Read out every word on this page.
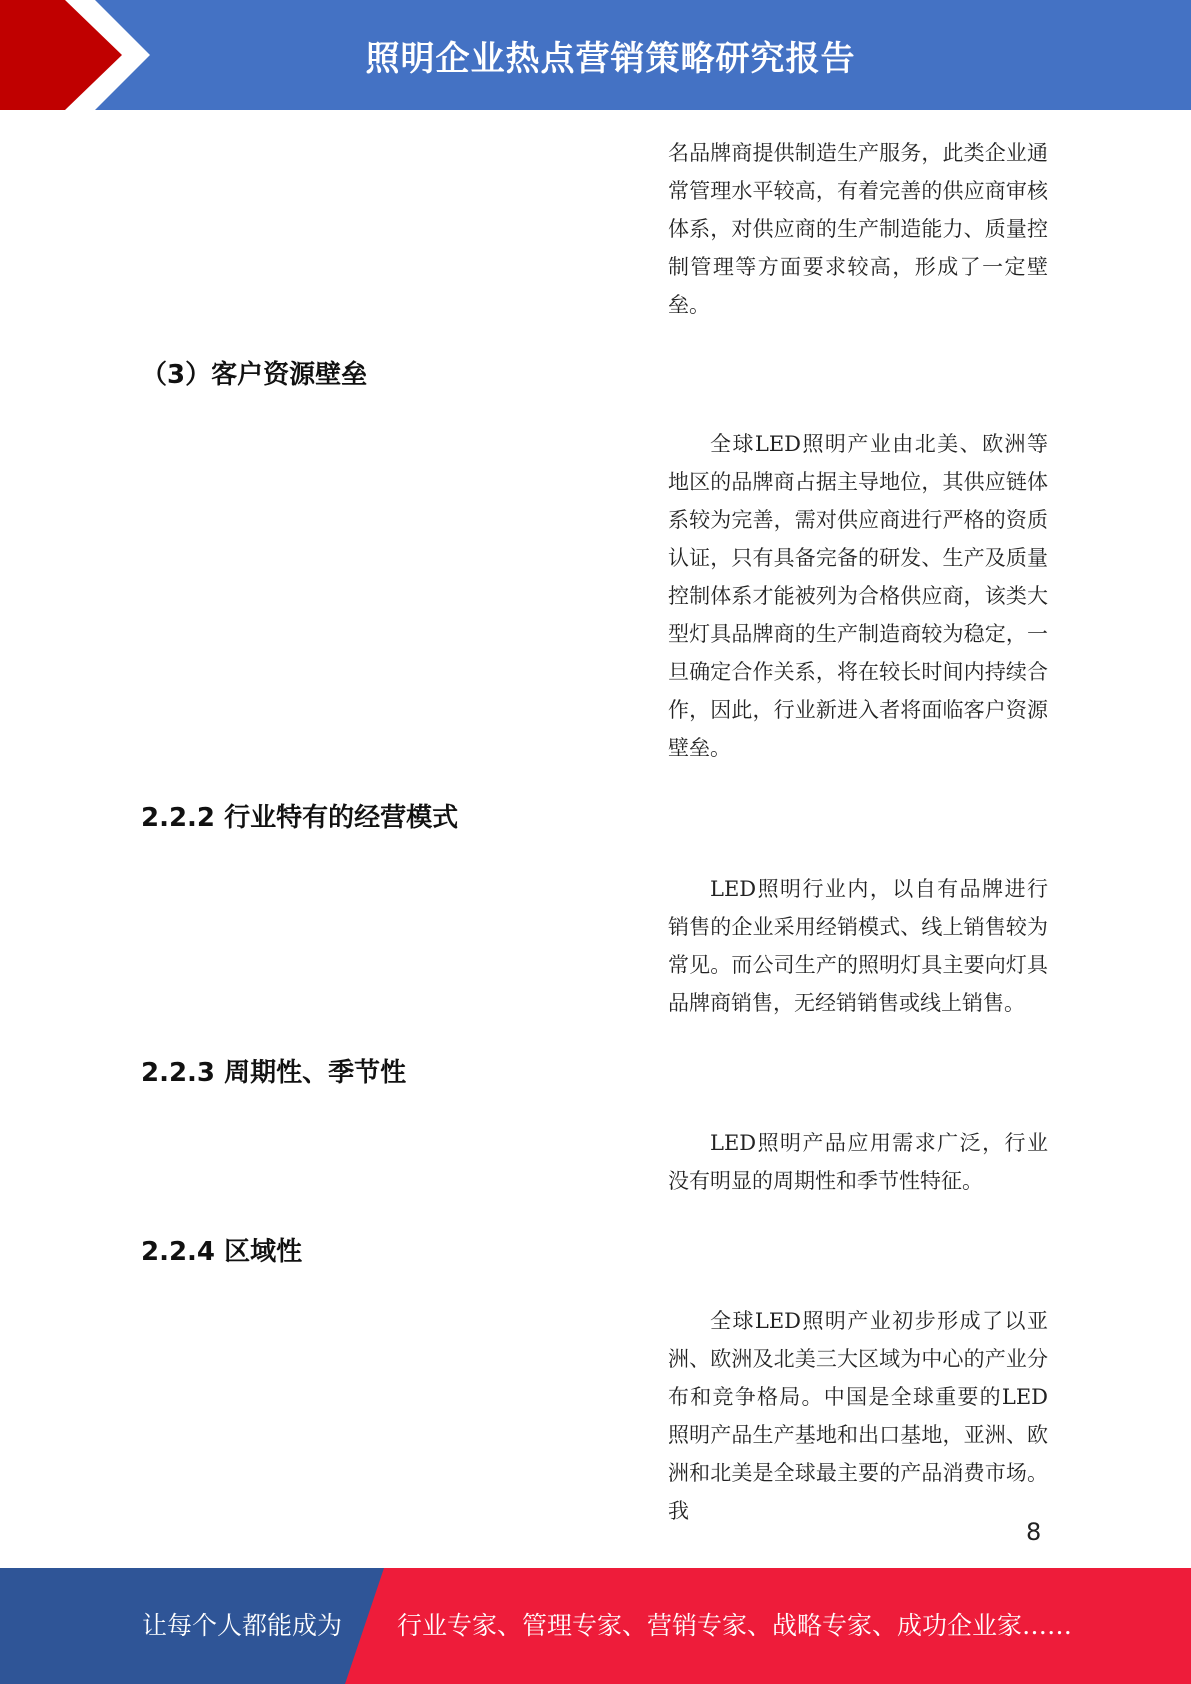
照明企业热点营销策略研究报告

名品牌商提供制造生产服务，此类企业通常管理水平较高，有着完善的供应商审核体系，对供应商的生产制造能力、质量控制管理等方面要求较高，形成了一定壁垒。

（3）客户资源壁垒

全球LED照明产业由北美、欧洲等地区的品牌商占据主导地位，其供应链体系较为完善，需对供应商进行严格的资质认证，只有具备完备的研发、生产及质量控制体系才能被列为合格供应商，该类大型灯具品牌商的生产制造商较为稳定，一旦确定合作关系，将在较长时间内持续合作，因此，行业新进入者将面临客户资源壁垒。

2.2.2 行业特有的经营模式

LED照明行业内，以自有品牌进行销售的企业采用经销模式、线上销售较为常见。而公司生产的照明灯具主要向灯具品牌商销售，无经销销售或线上销售。

2.2.3 周期性、季节性

LED照明产品应用需求广泛，行业没有明显的周期性和季节性特征。

2.2.4 区域性

全球LED照明产业初步形成了以亚洲、欧洲及北美三大区域为中心的产业分布和竞争格局。中国是全球重要的LED照明产品生产基地和出口基地，亚洲、欧洲和北美是全球最主要的产品消费市场。我

8
让每个人都能成为 行业专家、管理专家、营销专家、战略专家、成功企业家……
